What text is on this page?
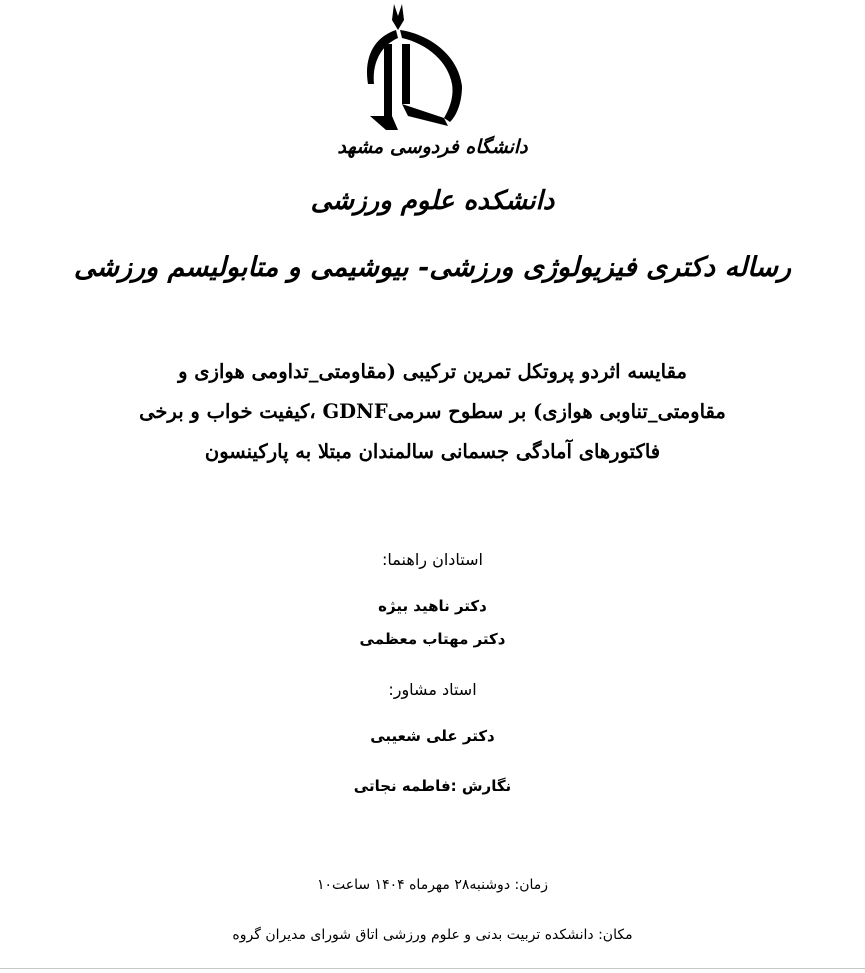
دانشگاه فردوسی مشهد
دانشکده علوم ورزشی
رساله دکتری فیزیولوژی ورزشی- بیوشیمی و متابولیسم ورزشی
مقایسه اثردو پروتکل تمرین ترکیبی (مقاومتی_تداومی هوازی و
مقاومتی_تناوبی هوازی) بر سطوح سرمیGDNF ،کیفیت خواب و برخی
فاکتورهای آمادگی جسمانی سالمندان مبتلا به پارکینسون
استادان راهنما:
دکتر ناهید بیژه
دکتر مهتاب معظمی
استاد مشاور:
دکتر علی شعیبی
نگارش :فاطمه نجاتی
زمان: دوشنبه۲۸ مهرماه ۱۴۰۴ ساعت۱۰
مکان: دانشکده تربیت بدنی و علوم ورزشی اتاق شورای مدیران گروه
